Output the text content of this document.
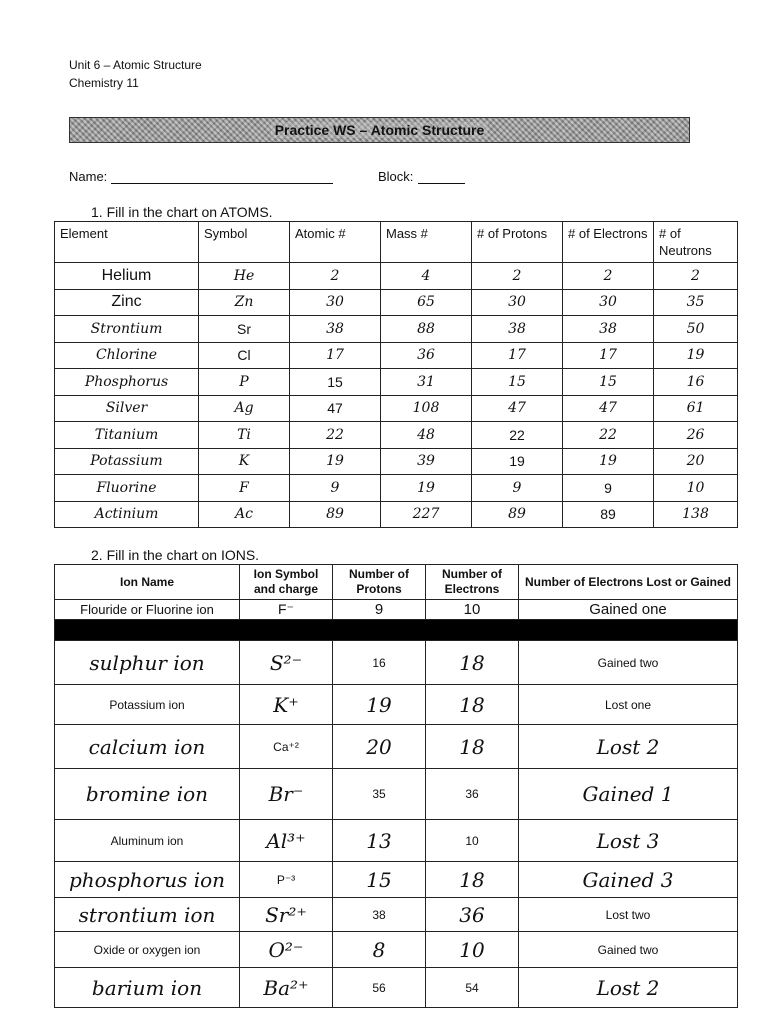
Unit 6 – Atomic Structure
Chemistry 11
Practice WS – Atomic Structure
Name:	Block:
1. Fill in the chart on ATOMS.
Element	Symbol	Atomic #	Mass #	# of Protons	# of Electrons	# of Neutrons
Helium	He	2	4	2	2	2
Zinc	Zn	30	65	30	30	35
Strontium	Sr	38	88	38	38	50
Chlorine	Cl	17	36	17	17	19
Phosphorus	P	15	31	15	15	16
Silver	Ag	47	108	47	47	61
Titanium	Ti	22	48	22	22	26
Potassium	K	19	39	19	19	20
Fluorine	F	9	19	9	9	10
Actinium	Ac	89	227	89	89	138
2. Fill in the chart on IONS.
Ion Name	Ion Symbol and charge	Number of Protons	Number of Electrons	Number of Electrons Lost or Gained
Flouride or Fluorine ion	F⁻	9	10	Gained one

sulphur ion	S²⁻	16	18	Gained two
Potassium ion	K⁺	19	18	Lost one
calcium ion	Ca⁺²	20	18	Lost 2
bromine ion	Br⁻	35	36	Gained 1
Aluminum ion	Al³⁺	13	10	Lost 3
phosphorus ion	P⁻³	15	18	Gained 3
strontium ion	Sr²⁺	38	36	Lost two
Oxide or oxygen ion	O²⁻	8	10	Gained two
barium ion	Ba²⁺	56	54	Lost 2
